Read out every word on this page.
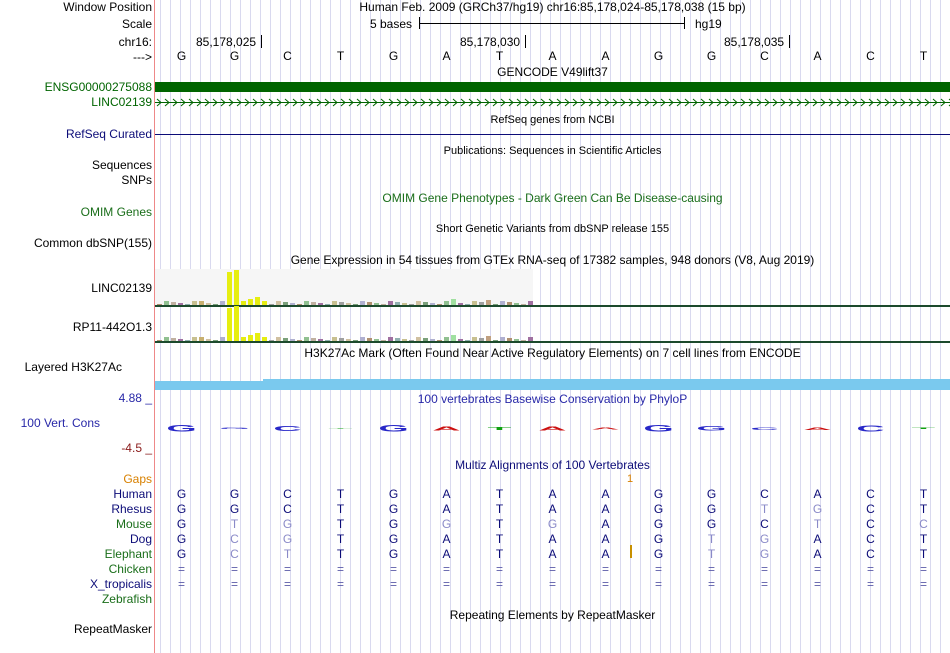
Window Position	Human Feb. 2009 (GRCh37/hg19) chr16:85,178,024-85,178,038 (15 bp)
Scale	5 bases	hg19
chr16:	85,178,025	85,178,030	85,178,035
--->	G	G	C	T	G	A	T	A	A	G	G	C	A	C	T
GENCODE V49lift37
ENSG00000275088
LINC02139
RefSeq genes from NCBI
RefSeq Curated
Publications: Sequences in Scientific Articles
Sequences
SNPs
OMIM Gene Phenotypes - Dark Green Can Be Disease-causing
OMIM Genes
Short Genetic Variants from dbSNP release 155
Common dbSNP(155)
Gene Expression in 54 tissues from GTEx RNA-seq of 17382 samples, 948 donors (V8, Aug 2019)
LINC02139
RP11-442O1.3
H3K27Ac Mark (Often Found Near Active Regulatory Elements) on 7 cell lines from ENCODE
Layered H3K27Ac
4.88 _	100 vertebrates Basewise Conservation by PhyloP
100 Vert. Cons
-4.5 _
G	G	C	T	G	A	T	A	A	G	G	C	A	C	T
Multiz Alignments of 100 Vertebrates
Gaps	1
Human	G	G	C	T	G	A	T	A	A	G	G	C	A	C	T
Rhesus	G	G	C	T	G	A	T	A	A	G	G	T	G	C	T
Mouse	G	T	G	T	G	G	T	G	A	G	G	C	T	C	C
Dog	G	C	G	T	G	A	T	A	A	G	T	G	A	C	T
Elephant	G	C	T	T	G	A	T	A	A	G	T	G	A	C	T
Chicken	=	=	=	=	=	=	=	=	=	=	=	=	=	=	=
X_tropicalis	=	=	=	=	=	=	=	=	=	=	=	=	=	=	=
Zebrafish
Repeating Elements by RepeatMasker
RepeatMasker
